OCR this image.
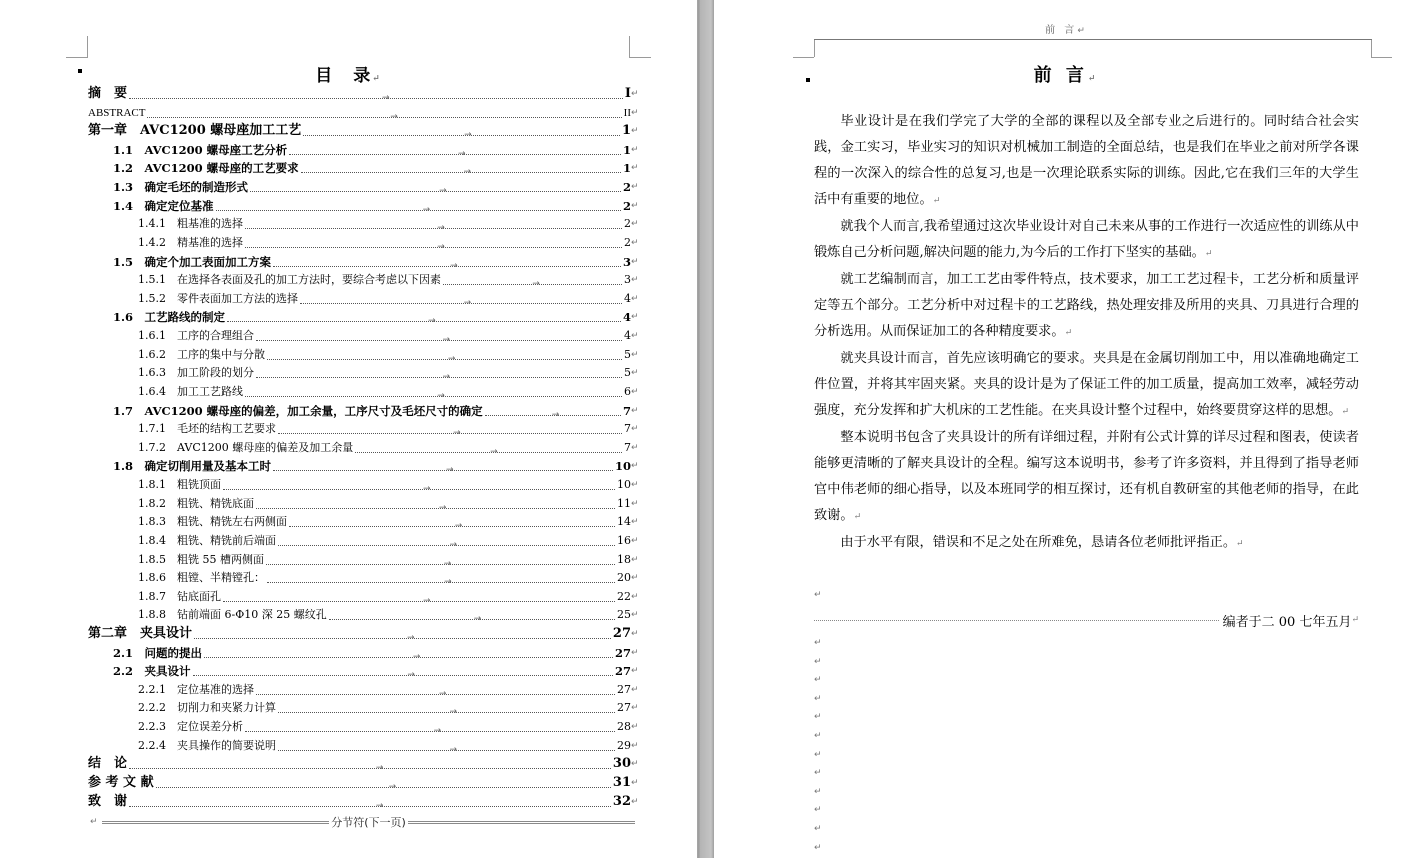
目　录↵
摘　要	→	I ↵
ABSTRACT	→	II ↵
第一章　AVC1200 螺母座加工工艺	→	1 ↵
1.1　AVC1200 螺母座工艺分析	→	1 ↵
1.2　AVC1200 螺母座的工艺要求	→	1 ↵
1.3　确定毛坯的制造形式	→	2 ↵
1.4　确定定位基准	→	2 ↵
1.4.1　粗基准的选择	→	2 ↵
1.4.2　精基准的选择	→	2 ↵
1.5　确定个加工表面加工方案	→	3 ↵
1.5.1　在选择各表面及孔的加工方法时，要综合考虑以下因素	→	3 ↵
1.5.2　零件表面加工方法的选择	→	4 ↵
1.6　工艺路线的制定	→	4 ↵
1.6.1　工序的合理组合	→	4 ↵
1.6.2　工序的集中与分散	→	5 ↵
1.6.3　加工阶段的划分	→	5 ↵
1.6.4　加工工艺路线	→	6 ↵
1.7　AVC1200 螺母座的偏差，加工余量，工序尺寸及毛坯尺寸的确定	→	7 ↵
1.7.1　毛坯的结构工艺要求	→	7 ↵
1.7.2　AVC1200 螺母座的偏差及加工余量	→	7 ↵
1.8　确定切削用量及基本工时	→	10 ↵
1.8.1　粗铣顶面	→	10 ↵
1.8.2　粗铣、精铣底面	→	11 ↵
1.8.3　粗铣、精铣左右两侧面	→	14 ↵
1.8.4　粗铣、精铣前后端面	→	16 ↵
1.8.5　粗铣 55 槽两侧面	→	18 ↵
1.8.6　粗镗、半精镗孔：	→	20 ↵
1.8.7　钻底面孔	→	22 ↵
1.8.8　钻前端面 6-Φ10 深 25 螺纹孔	→	25 ↵
第二章　夹具设计	→	27 ↵
2.1　问题的提出	→	27 ↵
2.2　夹具设计	→	27 ↵
2.2.1　定位基准的选择	→	27 ↵
2.2.2　切削力和夹紧力计算	→	27 ↵
2.2.3　定位误差分析	→	28 ↵
2.2.4　夹具操作的简要说明	→	29 ↵
结　论	→	30 ↵
参 考 文 献	→	31 ↵
致　谢	→	32 ↵
↵	分节符(下一页)
前 言↵
前 言↵

毕业设计是在我们学完了大学的全部的课程以及全部专业之后进行的。同时结合社会实践，金工实习，毕业实习的知识对机械加工制造的全面总结，也是我们在毕业之前对所学各课程的一次深入的综合性的总复习,也是一次理论联系实际的训练。因此,它在我们三年的大学生活中有重要的地位。↵

就我个人而言,我希望通过这次毕业设计对自己未来从事的工作进行一次适应性的训练从中锻炼自己分析问题,解决问题的能力,为今后的工作打下坚实的基础。↵

就工艺编制而言，加工工艺由零件特点，技术要求，加工工艺过程卡，工艺分析和质量评定等五个部分。工艺分析中对过程卡的工艺路线，热处理安排及所用的夹具、刀具进行合理的分析选用。从而保证加工的各种精度要求。↵

就夹具设计而言，首先应该明确它的要求。夹具是在金属切削加工中，用以准确地确定工件位置，并将其牢固夹紧。夹具的设计是为了保证工件的加工质量，提高加工效率，减轻劳动强度，充分发挥和扩大机床的工艺性能。在夹具设计整个过程中，始终要贯穿这样的思想。↵

整本说明书包含了夹具设计的所有详细过程，并附有公式计算的详尽过程和图表，使读者能够更清晰的了解夹具设计的全程。编写这本说明书，参考了许多资料，并且得到了指导老师官中伟老师的细心指导，以及本班同学的相互探讨，还有机自教研室的其他老师的指导，在此致谢。↵

由于水平有限，错误和不足之处在所难免，恳请各位老师批评指正。↵

↵
编者于二 00 七年五月 ↵
↵
↵
↵
↵
↵
↵
↵
↵
↵
↵
↵
↵
